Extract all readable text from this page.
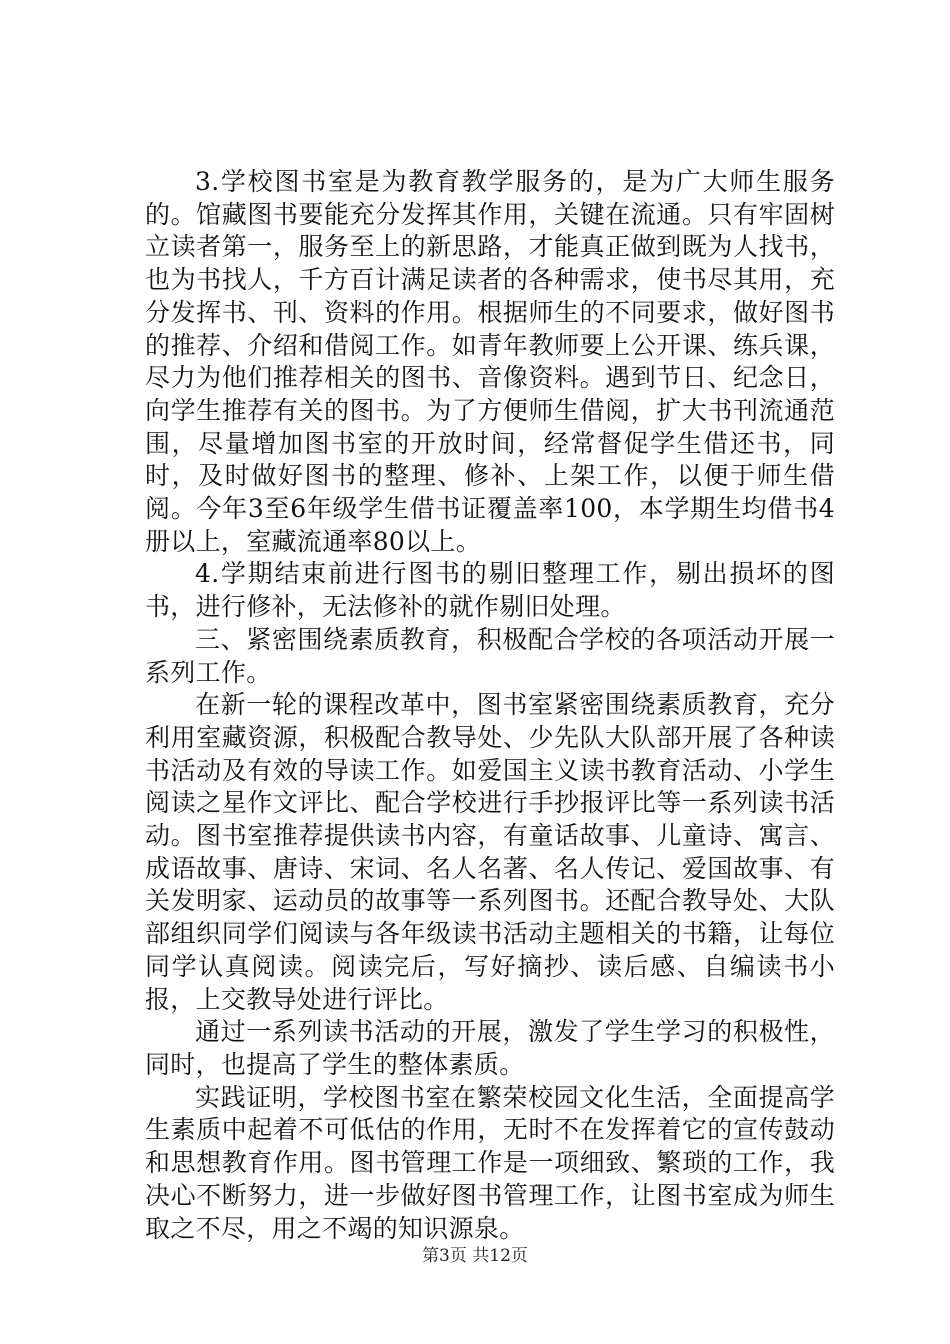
3.学校图书室是为教育教学服务的，是为广大师生服务的。馆藏图书要能充分发挥其作用，关键在流通。只有牢固树立读者第一，服务至上的新思路，才能真正做到既为人找书，也为书找人，千方百计满足读者的各种需求，使书尽其用，充分发挥书、刊、资料的作用。根据师生的不同要求，做好图书的推荐、介绍和借阅工作。如青年教师要上公开课、练兵课，尽力为他们推荐相关的图书、音像资料。遇到节日、纪念日，向学生推荐有关的图书。为了方便师生借阅，扩大书刊流通范围，尽量增加图书室的开放时间，经常督促学生借还书，同时，及时做好图书的整理、修补、上架工作，以便于师生借阅。今年3至6年级学生借书证覆盖率100，本学期生均借书4册以上，室藏流通率80以上。

4.学期结束前进行图书的剔旧整理工作，剔出损坏的图书，进行修补，无法修补的就作剔旧处理。

三、紧密围绕素质教育，积极配合学校的各项活动开展一系列工作。

在新一轮的课程改革中，图书室紧密围绕素质教育，充分利用室藏资源，积极配合教导处、少先队大队部开展了各种读书活动及有效的导读工作。如爱国主义读书教育活动、小学生阅读之星作文评比、配合学校进行手抄报评比等一系列读书活动。图书室推荐提供读书内容，有童话故事、儿童诗、寓言、成语故事、唐诗、宋词、名人名著、名人传记、爱国故事、有关发明家、运动员的故事等一系列图书。还配合教导处、大队部组织同学们阅读与各年级读书活动主题相关的书籍，让每位同学认真阅读。阅读完后，写好摘抄、读后感、自编读书小报，上交教导处进行评比。

通过一系列读书活动的开展，激发了学生学习的积极性，同时，也提高了学生的整体素质。

实践证明，学校图书室在繁荣校园文化生活，全面提高学生素质中起着不可低估的作用，无时不在发挥着它的宣传鼓动和思想教育作用。图书管理工作是一项细致、繁琐的工作，我决心不断努力，进一步做好图书管理工作，让图书室成为师生取之不尽，用之不竭的知识源泉。

第3页 共12页
